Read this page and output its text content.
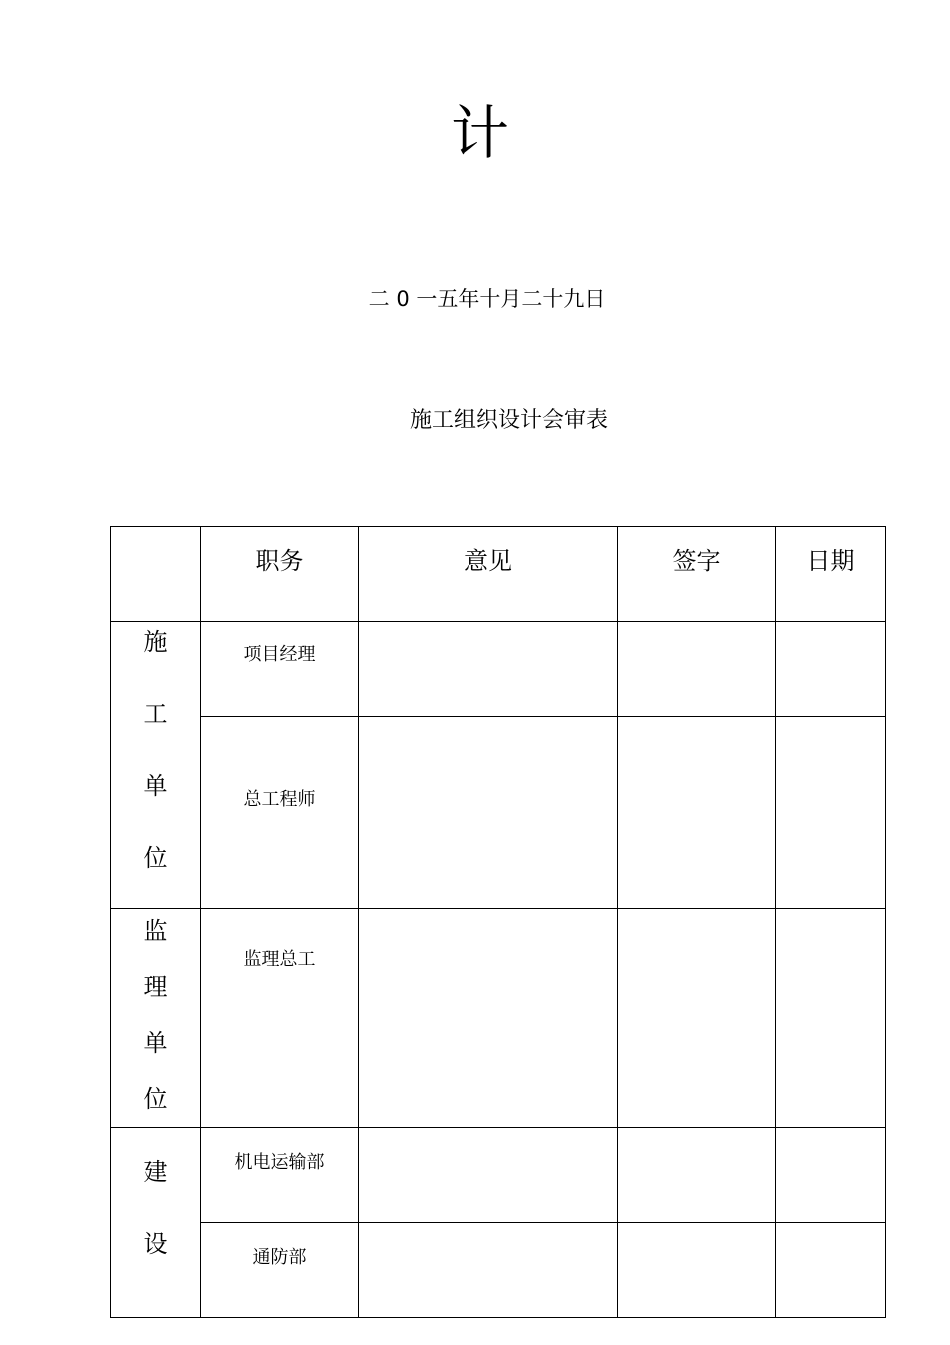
计
二 0 一五年十月二十九日
施工组织设计会审表
	职务	意见	签字	日期

施
工
单
位	项目经理			
	总工程师			

监理
单位	监理总工			

建
设	机电运输部			
	通防部			
